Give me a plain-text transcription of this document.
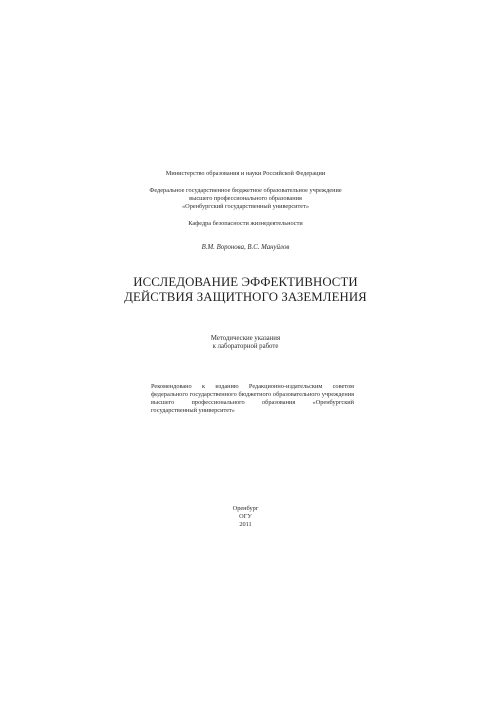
Министерство образования и науки Российской Федерации
Федеральное государственное бюджетное образовательное учреждение
высшего профессионального образования
«Оренбургский государственный университет»
Кафедра безопасности жизнедеятельности
В.М. Воронова, В.С. Мануйлов
ИССЛЕДОВАНИЕ ЭФФЕКТИВНОСТИ
ДЕЙСТВИЯ ЗАЩИТНОГО ЗАЗЕМЛЕНИЯ
Методические указания
к лабораторной работе
Рекомендовано к изданию Редакционно-издательским советом федерального государственного бюджетного образовательного учреждения высшего профессионального образования «Оренбургский государственный университет»
Оренбург
ОГУ
2011
